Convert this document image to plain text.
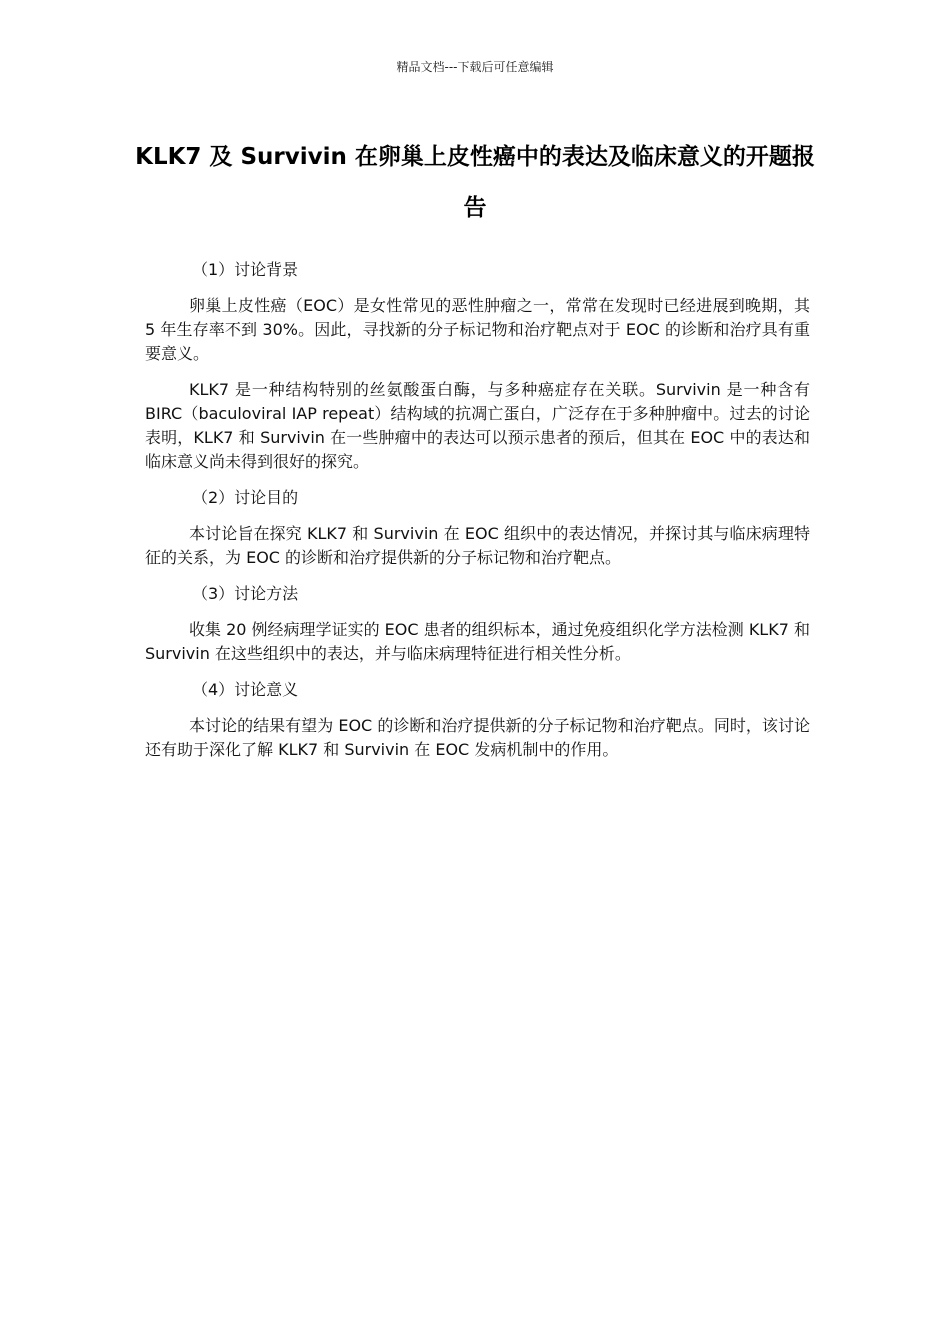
精品文档---下载后可任意编辑
KLK7 及 Survivin 在卵巢上皮性癌中的表达及临床意义的开题报告

（1）讨论背景

卵巢上皮性癌（EOC）是女性常见的恶性肿瘤之一，常常在发现时已经进展到晚期，其 5 年生存率不到 30%。因此，寻找新的分子标记物和治疗靶点对于 EOC 的诊断和治疗具有重要意义。

KLK7 是一种结构特别的丝氨酸蛋白酶，与多种癌症存在关联。Survivin 是一种含有 BIRC（baculoviral IAP repeat）结构域的抗凋亡蛋白，广泛存在于多种肿瘤中。过去的讨论表明，KLK7 和 Survivin 在一些肿瘤中的表达可以预示患者的预后，但其在 EOC 中的表达和临床意义尚未得到很好的探究。

（2）讨论目的

本讨论旨在探究 KLK7 和 Survivin 在 EOC 组织中的表达情况，并探讨其与临床病理特征的关系，为 EOC 的诊断和治疗提供新的分子标记物和治疗靶点。

（3）讨论方法

收集 20 例经病理学证实的 EOC 患者的组织标本，通过免疫组织化学方法检测 KLK7 和 Survivin 在这些组织中的表达，并与临床病理特征进行相关性分析。

（4）讨论意义

本讨论的结果有望为 EOC 的诊断和治疗提供新的分子标记物和治疗靶点。同时，该讨论还有助于深化了解 KLK7 和 Survivin 在 EOC 发病机制中的作用。
